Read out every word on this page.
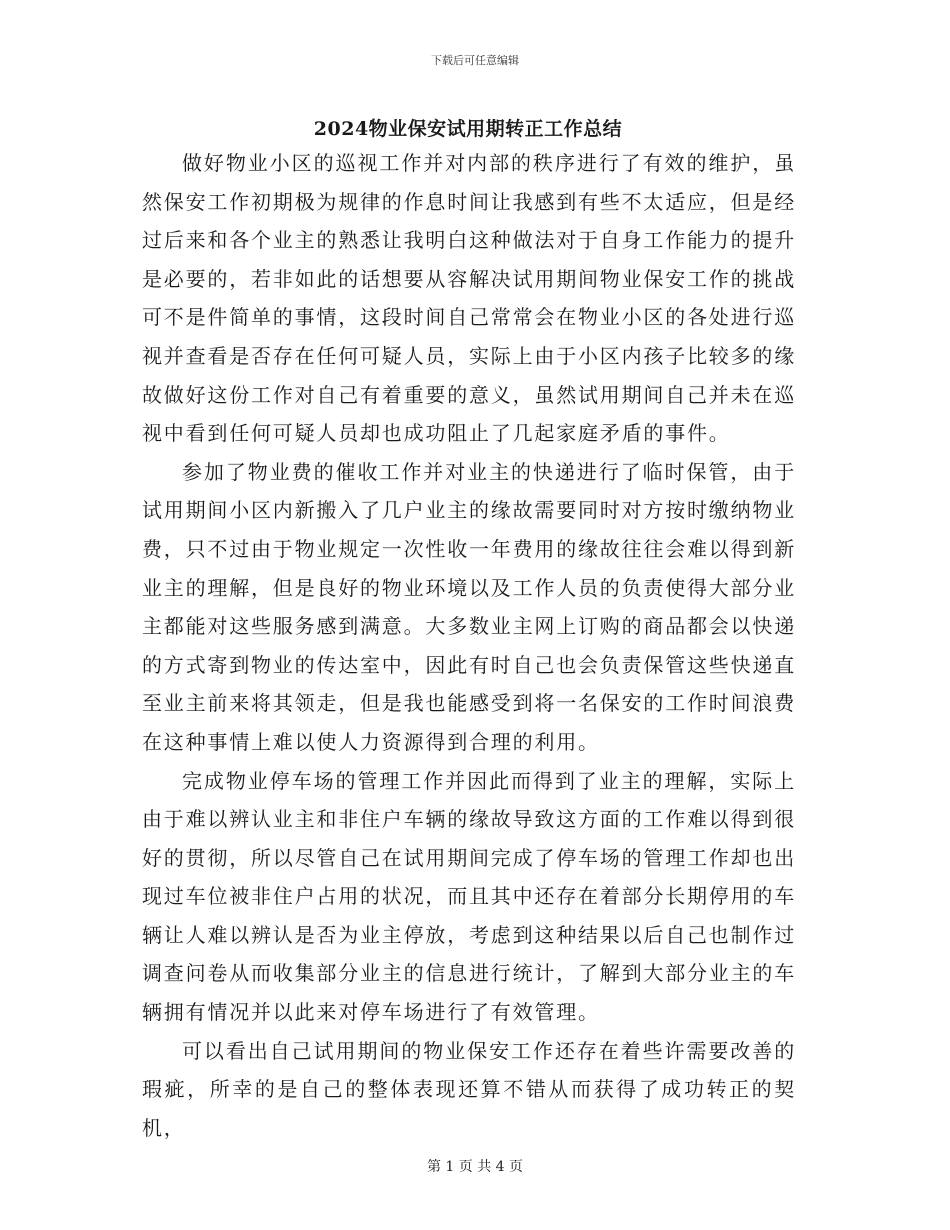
下载后可任意编辑
2024物业保安试用期转正工作总结

做好物业小区的巡视工作并对内部的秩序进行了有效的维护，虽然保安工作初期极为规律的作息时间让我感到有些不太适应，但是经过后来和各个业主的熟悉让我明白这种做法对于自身工作能力的提升是必要的，若非如此的话想要从容解决试用期间物业保安工作的挑战可不是件简单的事情，这段时间自己常常会在物业小区的各处进行巡视并查看是否存在任何可疑人员，实际上由于小区内孩子比较多的缘故做好这份工作对自己有着重要的意义，虽然试用期间自己并未在巡视中看到任何可疑人员却也成功阻止了几起家庭矛盾的事件。

参加了物业费的催收工作并对业主的快递进行了临时保管，由于试用期间小区内新搬入了几户业主的缘故需要同时对方按时缴纳物业费，只不过由于物业规定一次性收一年费用的缘故往往会难以得到新业主的理解，但是良好的物业环境以及工作人员的负责使得大部分业主都能对这些服务感到满意。大多数业主网上订购的商品都会以快递的方式寄到物业的传达室中，因此有时自己也会负责保管这些快递直至业主前来将其领走，但是我也能感受到将一名保安的工作时间浪费在这种事情上难以使人力资源得到合理的利用。

完成物业停车场的管理工作并因此而得到了业主的理解，实际上由于难以辨认业主和非住户车辆的缘故导致这方面的工作难以得到很好的贯彻，所以尽管自己在试用期间完成了停车场的管理工作却也出现过车位被非住户占用的状况，而且其中还存在着部分长期停用的车辆让人难以辨认是否为业主停放，考虑到这种结果以后自己也制作过调查问卷从而收集部分业主的信息进行统计，了解到大部分业主的车辆拥有情况并以此来对停车场进行了有效管理。

可以看出自己试用期间的物业保安工作还存在着些许需要改善的瑕疵，所幸的是自己的整体表现还算不错从而获得了成功转正的契机，

第 1 页 共 4 页
